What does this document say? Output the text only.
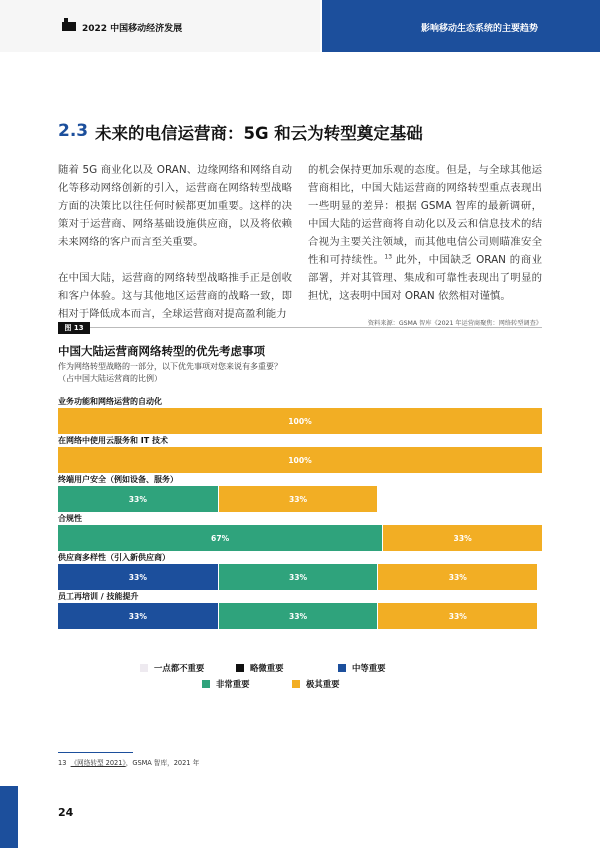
2022 中国移动经济发展	影响移动生态系统的主要趋势
2.3 未来的电信运营商：5G 和云为转型奠定基础

随着 5G 商业化以及 ORAN、边缘网络和网络自动化等移动网络创新的引入，运营商在网络转型战略方面的决策比以往任何时候都更加重要。这样的决策对于运营商、网络基础设施供应商，以及将依赖未来网络的客户而言至关重要。

在中国大陆，运营商的网络转型战略推手正是创收和客户体验。这与其他地区运营商的战略一致，即相对于降低成本而言，全球运营商对提高盈利能力

的机会保持更加乐观的态度。但是，与全球其他运营商相比，中国大陆运营商的网络转型重点表现出一些明显的差异：根据 GSMA 智库的最新调研，中国大陆的运营商将自动化以及云和信息技术的结合视为主要关注领域，而其他电信公司则瞄准安全性和可持续性。$^{13}$ 此外，中国缺乏 ORAN 的商业部署，并对其管理、集成和可靠性表现出了明显的担忧，这表明中国对 ORAN 依然相对谨慎。

图 13
资料来源：GSMA 智库《2021 年运营商聚焦：网络转型调查》
中国大陆运营商网络转型的优先考虑事项
作为网络转型战略的一部分，以下优先事项对您来说有多重要？
（占中国大陆运营商的比例）
业务功能和网络运营的自动化
100%
在网络中使用云服务和 IT 技术
100%
终端用户安全（例如设备、服务）
33%	33%
合规性
67%	33%
供应商多样性（引入新供应商）
33%	33%	33%
员工再培训 / 技能提升
33%	33%	33%
一点都不重要	略微重要	中等重要
非常重要	极其重要
13 《网络转型 2021》，GSMA 智库，2021 年
24
